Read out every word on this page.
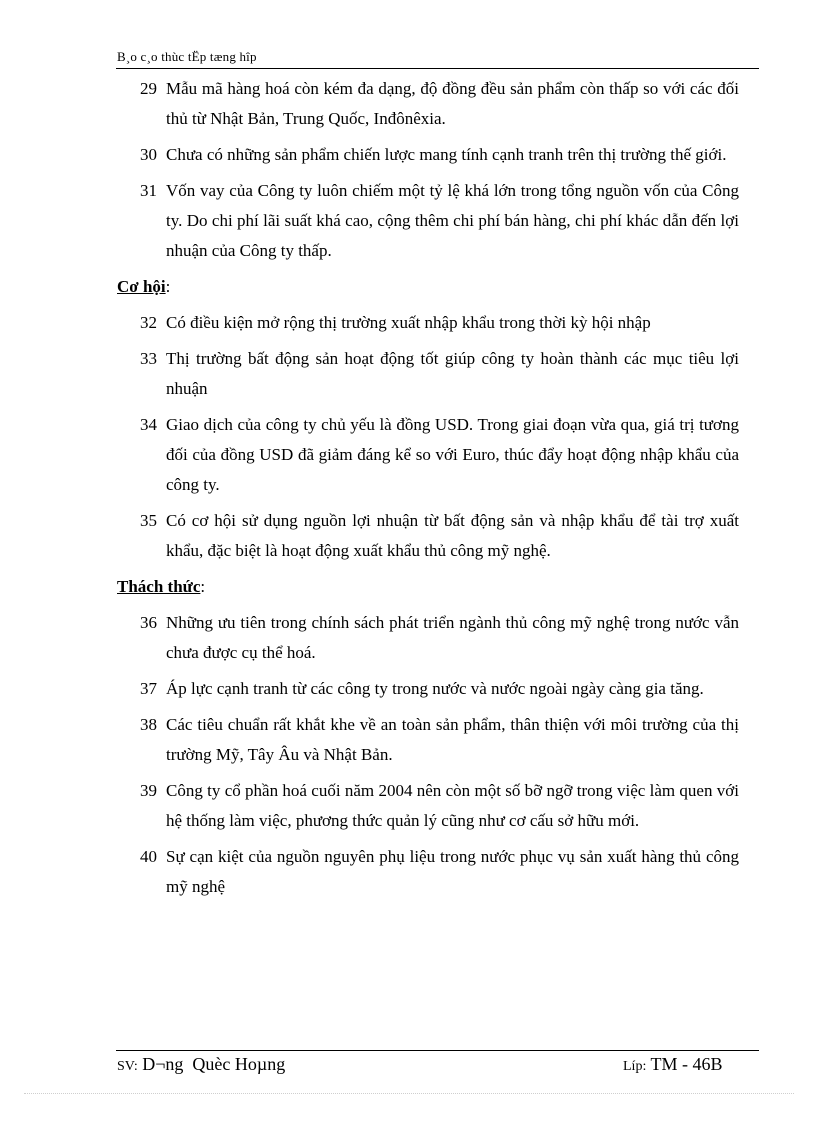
B¸o c¸o thùc tËp tæng hîp
29 Mẫu mã hàng hoá còn kém đa dạng, độ đồng đều sản phẩm còn thấp so với các đối thủ từ Nhật Bản, Trung Quốc, Inđônêxia.
30 Chưa có những sản phẩm chiến lược mang tính cạnh tranh trên thị trường thế giới.
31 Vốn vay của Công ty luôn chiếm một tỷ lệ khá lớn trong tổng nguồn vốn của Công ty. Do chi phí lãi suất khá cao, cộng thêm chi phí bán hàng, chi phí khác dẫn đến lợi nhuận của Công ty thấp.
Cơ hội:
32 Có điều kiện mở rộng thị trường xuất nhập khẩu trong thời kỳ hội nhập
33 Thị trường bất động sản hoạt động tốt giúp công ty hoàn thành các mục tiêu lợi nhuận
34 Giao dịch của công ty chủ yếu là đồng USD. Trong giai đoạn vừa qua, giá trị tương đối của đồng USD đã giảm đáng kể so với Euro, thúc đẩy hoạt động nhập khẩu của công ty.
35 Có cơ hội sử dụng nguồn lợi nhuận từ bất động sản và nhập khẩu để tài trợ xuất khẩu, đặc biệt là hoạt động xuất khẩu thủ công mỹ nghệ.
Thách thức:
36 Những ưu tiên trong chính sách phát triển ngành thủ công mỹ nghệ trong nước vẫn chưa được cụ thể hoá.
37 Áp lực cạnh tranh từ các công ty trong nước và nước ngoài ngày càng gia tăng.
38 Các tiêu chuẩn rất khắt khe về an toàn sản phẩm, thân thiện với môi trường của thị trường Mỹ, Tây Âu và Nhật Bản.
39 Công ty cổ phần hoá cuối năm 2004 nên còn một số bỡ ngỡ trong việc làm quen với hệ thống làm việc, phương thức quản lý cũng như cơ cấu sở hữu mới.
40 Sự cạn kiệt của nguồn nguyên phụ liệu trong nước phục vụ sản xuất hàng thủ công mỹ nghệ
SV: D¬ng  Quèc Hoµng	Líp: TM - 46B
